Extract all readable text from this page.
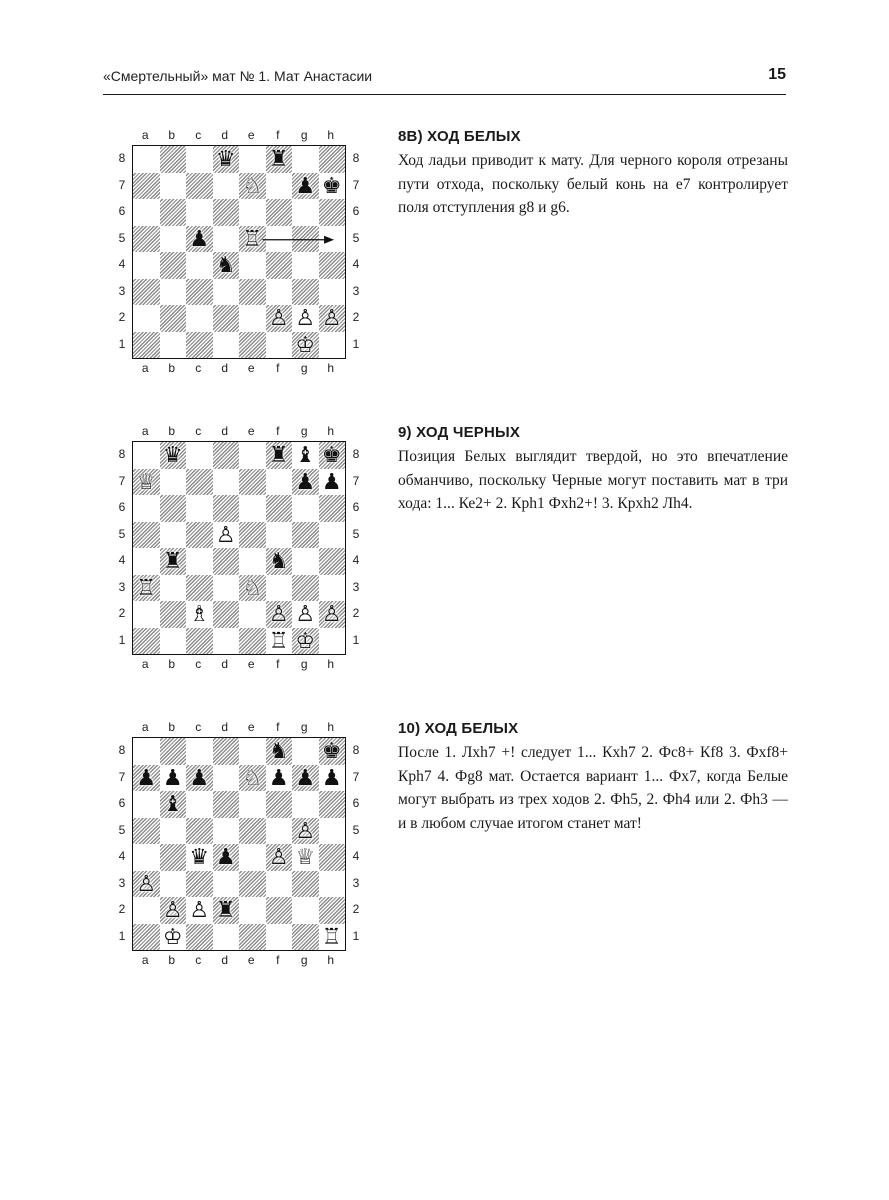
«Смертельный» мат № 1. Мат Анастасии	15
a	b	c	d	e	f	g	h
a	b	c	d	e	f	g	h
8
7
6
5
4
3
2
1
8
7
6
5
4
3
2
1
♛ ♜
♘ ♟ ♚
♟ ♖
♞
♙ ♙ ♙
♔
8В) ХОД БЕЛЫХ

Ход ладьи приводит к мату. Для черного короля отрезаны пути отхода, поскольку белый конь на е7 контролирует поля отступления g8 и g6.

a	b	c	d	e	f	g	h
a	b	c	d	e	f	g	h
8
7
6
5
4
3
2
1
8
7
6
5
4
3
2
1
♛	♜ ♝ ♚
♕	♟ ♟
♙
♜	♞
♖	♘
♗	♙ ♙ ♙
♖ ♔
9) ХОД ЧЕРНЫХ

Позиция Белых выглядит твердой, но это впечатление обманчиво, поскольку Черные могут поставить мат в три хода: 1... Ке2+ 2. Крh1 Фxh2+! 3. Крxh2 Лh4.

a	b	c	d	e	f	g	h
a	b	c	d	e	f	g	h
8
7
6
5
4
3
2
1
8
7
6
5
4
3
2
1
♞ ♚
♟ ♟ ♟ ♘ ♟ ♟ ♟
♝
♙
♛ ♟ ♙ ♕
♙
♙ ♙ ♜
♔	♖
10) ХОД БЕЛЫХ

После 1. Лxh7 +! следует 1... Кxh7 2. Фс8+ Кf8 3. Фxf8+ Крh7 4. Фg8 мат. Остается вариант 1... Фx7, когда Белые могут выбрать из трех ходов 2. Фh5, 2. Фh4 или 2. Фh3 — и в любом случае итогом станет мат!
